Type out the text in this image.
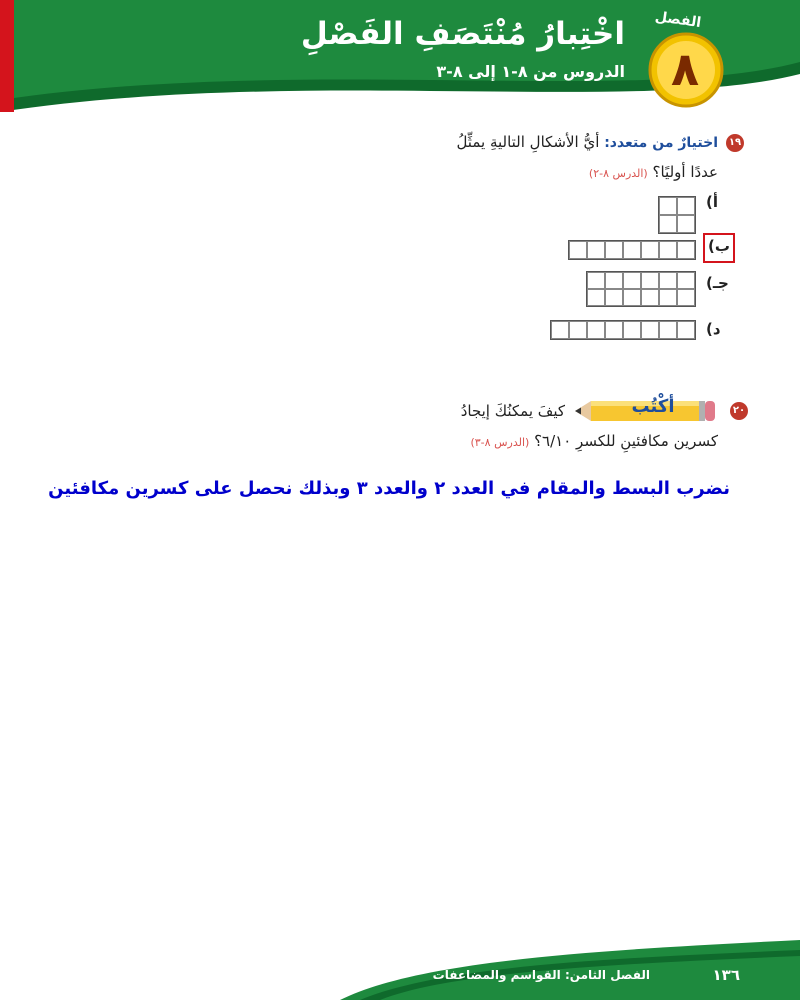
الفصل
٨
اخْتِبارُ مُنْتَصَفِ الفَصْلِ
الدروس من ٨-١ إلى ٨-٣
١٩
اختيارٌ من متعدد: أيُّ الأشكالِ التاليةِ يمثِّلُ
عددًا أوليًا؟ (الدرس ٨-٢)
أ)
ب)
جـ)
د)
٢٠
أكْتُب
كيفَ يمكنُكَ إيجادُ
كسرين مكافئينِ للكسرِ ٦/١٠؟ (الدرس ٨-٣)
نضرب البسط والمقام في العدد ٢ والعدد ٣ وبذلك نحصل على كسرين مكافئين
الفصل الثامن: القواسم والمضاعفات	١٣٦
